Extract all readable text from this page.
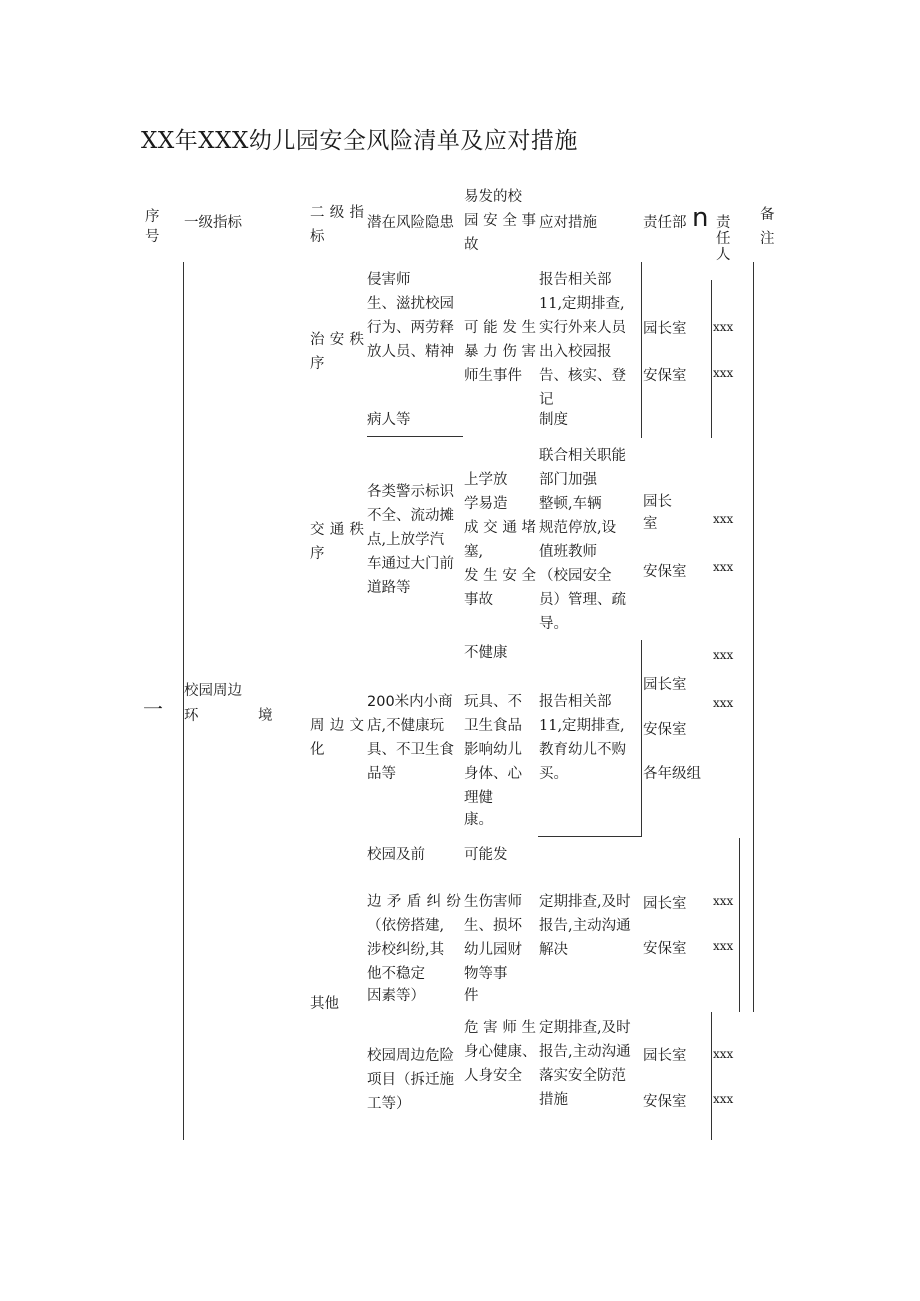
XX年XXX幼儿园安全风险清单及应对措施
序
号
一级指标
二 级 指
标
潜在风险隐患
易发的校
园 安 全 事
故
应对措施	责任部 n 责
任
人
备
注
一
校园周边
环	境
治 安 秩
序
侵害师
生、滋扰校园
行为、两劳释
放人员、精神
病人等
可 能 发 生
暴 力 伤 害
师生事件
报告相关部
11,定期排查,
实行外来人员
出入校园报
告、核实、登
记
制度
园长室
安保室
xxx
xxx
交 通 秩
序
各类警示标识
不全、流动摊
点,上放学汽
车通过大门前
道路等
上学放
学易造
成 交 通 堵
塞,
发 生 安 全
事故
联合相关职能
部门加强
整顿,车辆
规范停放,设
值班教师
（校园安全
员）管理、疏
导。
园长
室
安保室
xxx
xxx
周 边 文
化
200米内小商
店,不健康玩
具、不卫生食
品等
不健康
玩具、不
卫生食品
影响幼儿
身体、心
理健
康。
报告相关部
11,定期排查,
教育幼儿不购
买。
园长室
安保室
各年级组
xxx
xxx
其他
校园及前
边 矛 盾 纠 纷
（依傍搭建,
涉校纠纷,其
他不稳定
因素等）
可能发
生伤害师
生、损坏
幼儿园财
物等事
件
定期排查,及时
报告,主动沟通
解决
园长室
安保室
xxx
xxx
校园周边危险
项目（拆迁施
工等）
危 害 师 生
身心健康、
人身安全
定期排查,及时
报告,主动沟通
落实安全防范
措施
园长室
安保室
xxx
xxx
